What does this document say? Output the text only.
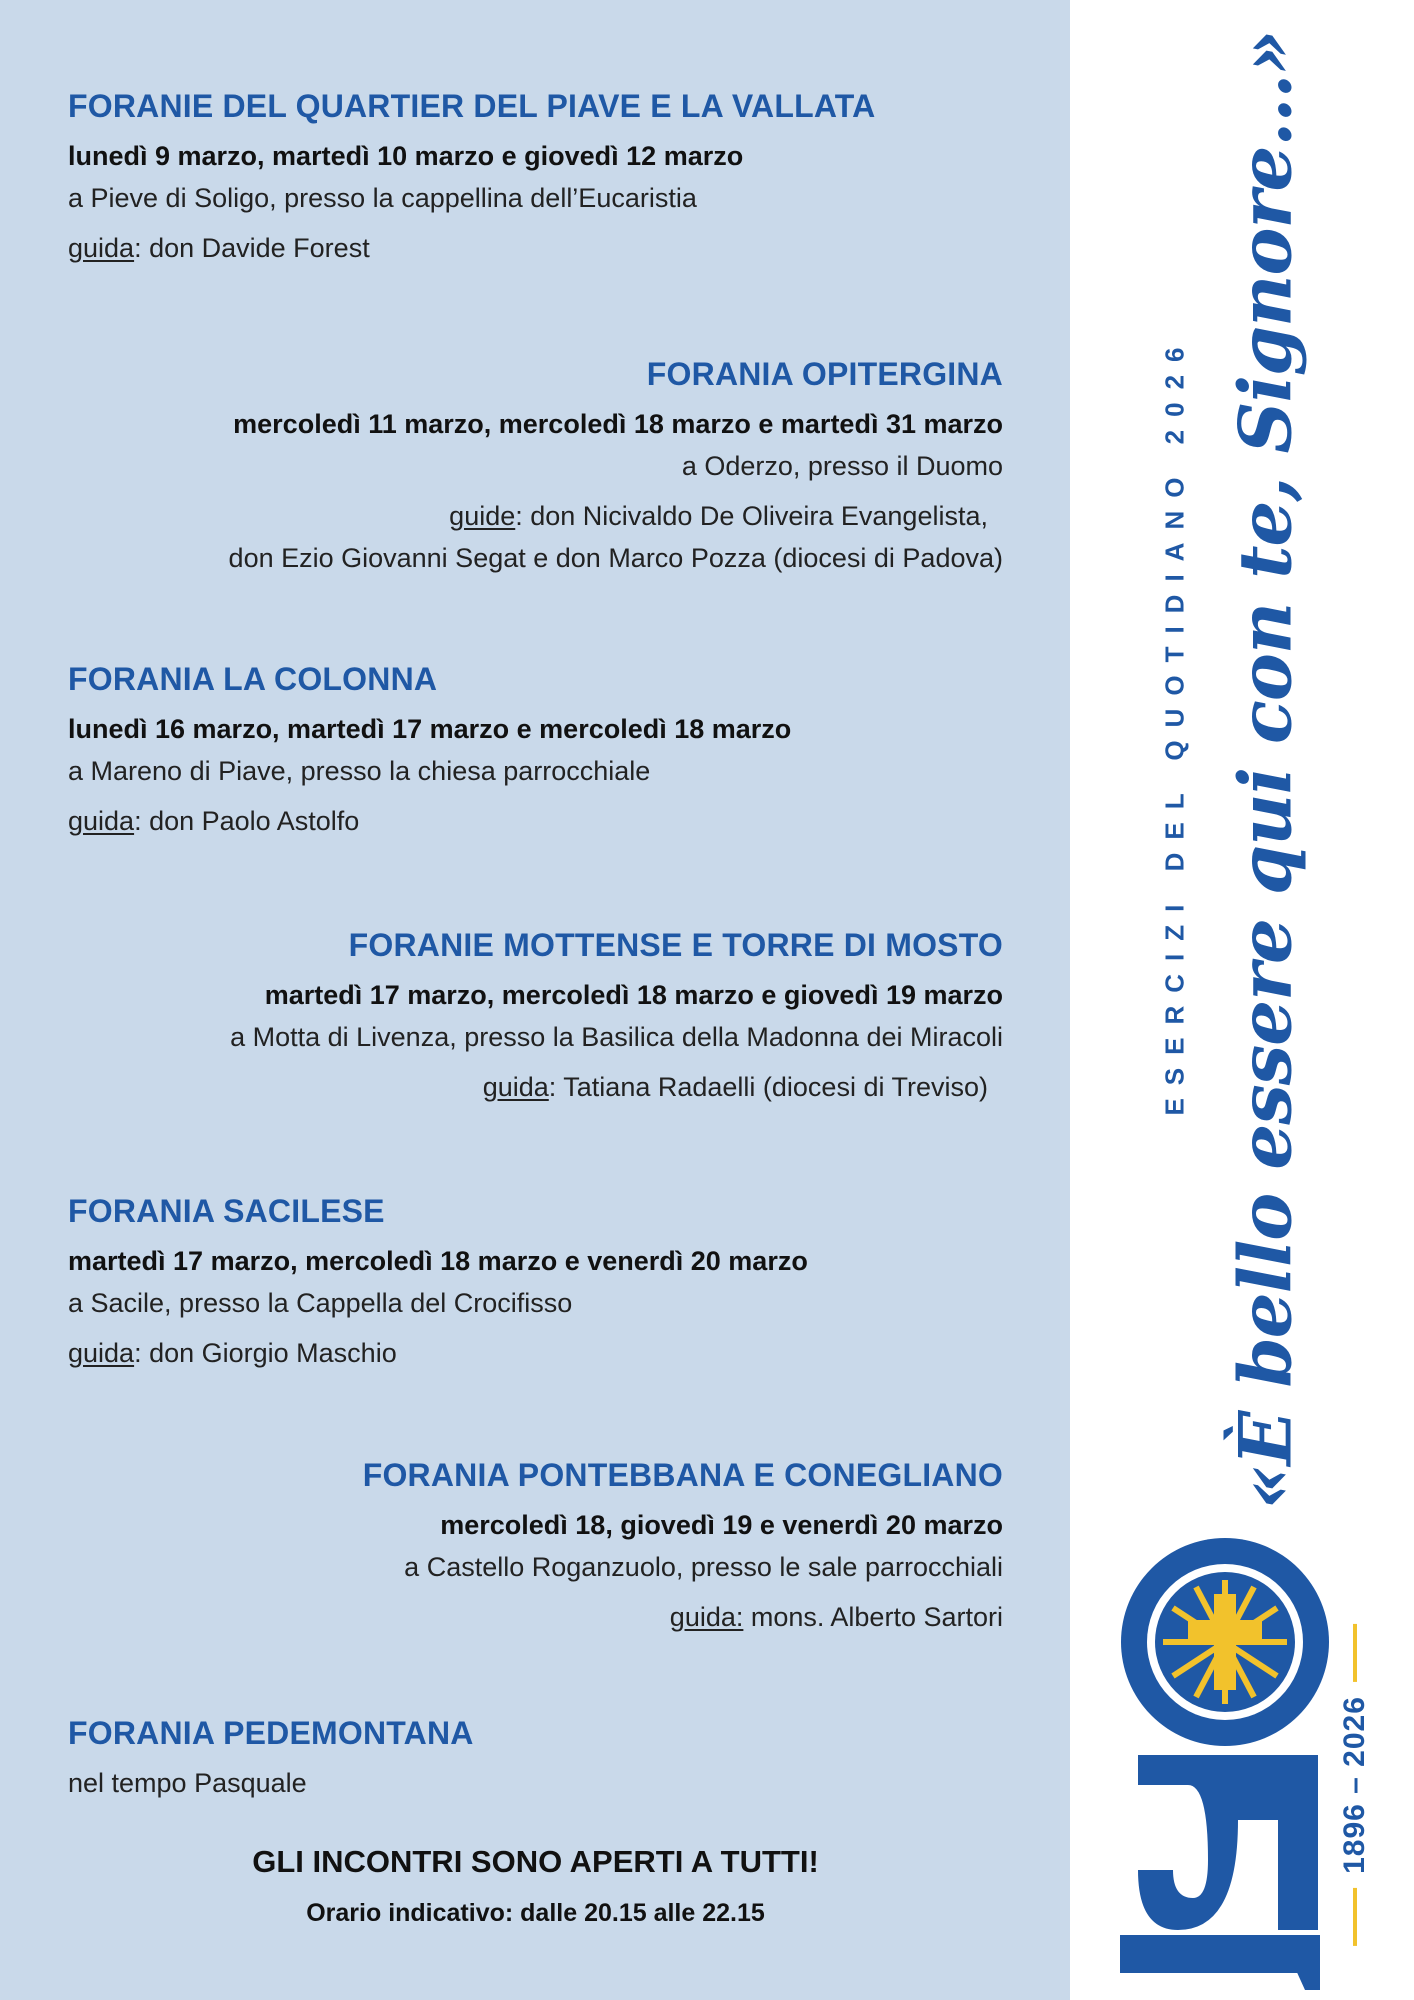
FORANIE DEL QUARTIER DEL PIAVE E LA VALLATA
lunedì 9 marzo, martedì 10 marzo e giovedì 12 marzo
a Pieve di Soligo, presso la cappellina dell’Eucaristia
guida: don Davide Forest
FORANIA OPITERGINA
mercoledì 11 marzo, mercoledì 18 marzo e martedì 31 marzo
a Oderzo, presso il Duomo
guide: don Nicivaldo De Oliveira Evangelista,
don Ezio Giovanni Segat e don Marco Pozza (diocesi di Padova)
FORANIA LA COLONNA
lunedì 16 marzo, martedì 17 marzo e mercoledì 18 marzo
a Mareno di Piave, presso la chiesa parrocchiale
guida: don Paolo Astolfo
FORANIE MOTTENSE E TORRE DI MOSTO
martedì 17 marzo, mercoledì 18 marzo e giovedì 19 marzo
a Motta di Livenza, presso la Basilica della Madonna dei Miracoli
guida: Tatiana Radaelli (diocesi di Treviso)
FORANIA SACILESE
martedì 17 marzo, mercoledì 18 marzo e venerdì 20 marzo
a Sacile, presso la Cappella del Crocifisso
guida: don Giorgio Maschio
FORANIA PONTEBBANA E CONEGLIANO
mercoledì 18, giovedì 19 e venerdì 20 marzo
a Castello Roganzuolo, presso le sale parrocchiali
guida: mons. Alberto Sartori
FORANIA PEDEMONTANA
nel tempo Pasquale
GLI INCONTRI SONO APERTI A TUTTI!
Orario indicativo: dalle 20.15 alle 22.15
ESERCIZI DEL QUOTIDIANO 2026 «È bello essere qui con te, Signore...»
1896 – 2026
